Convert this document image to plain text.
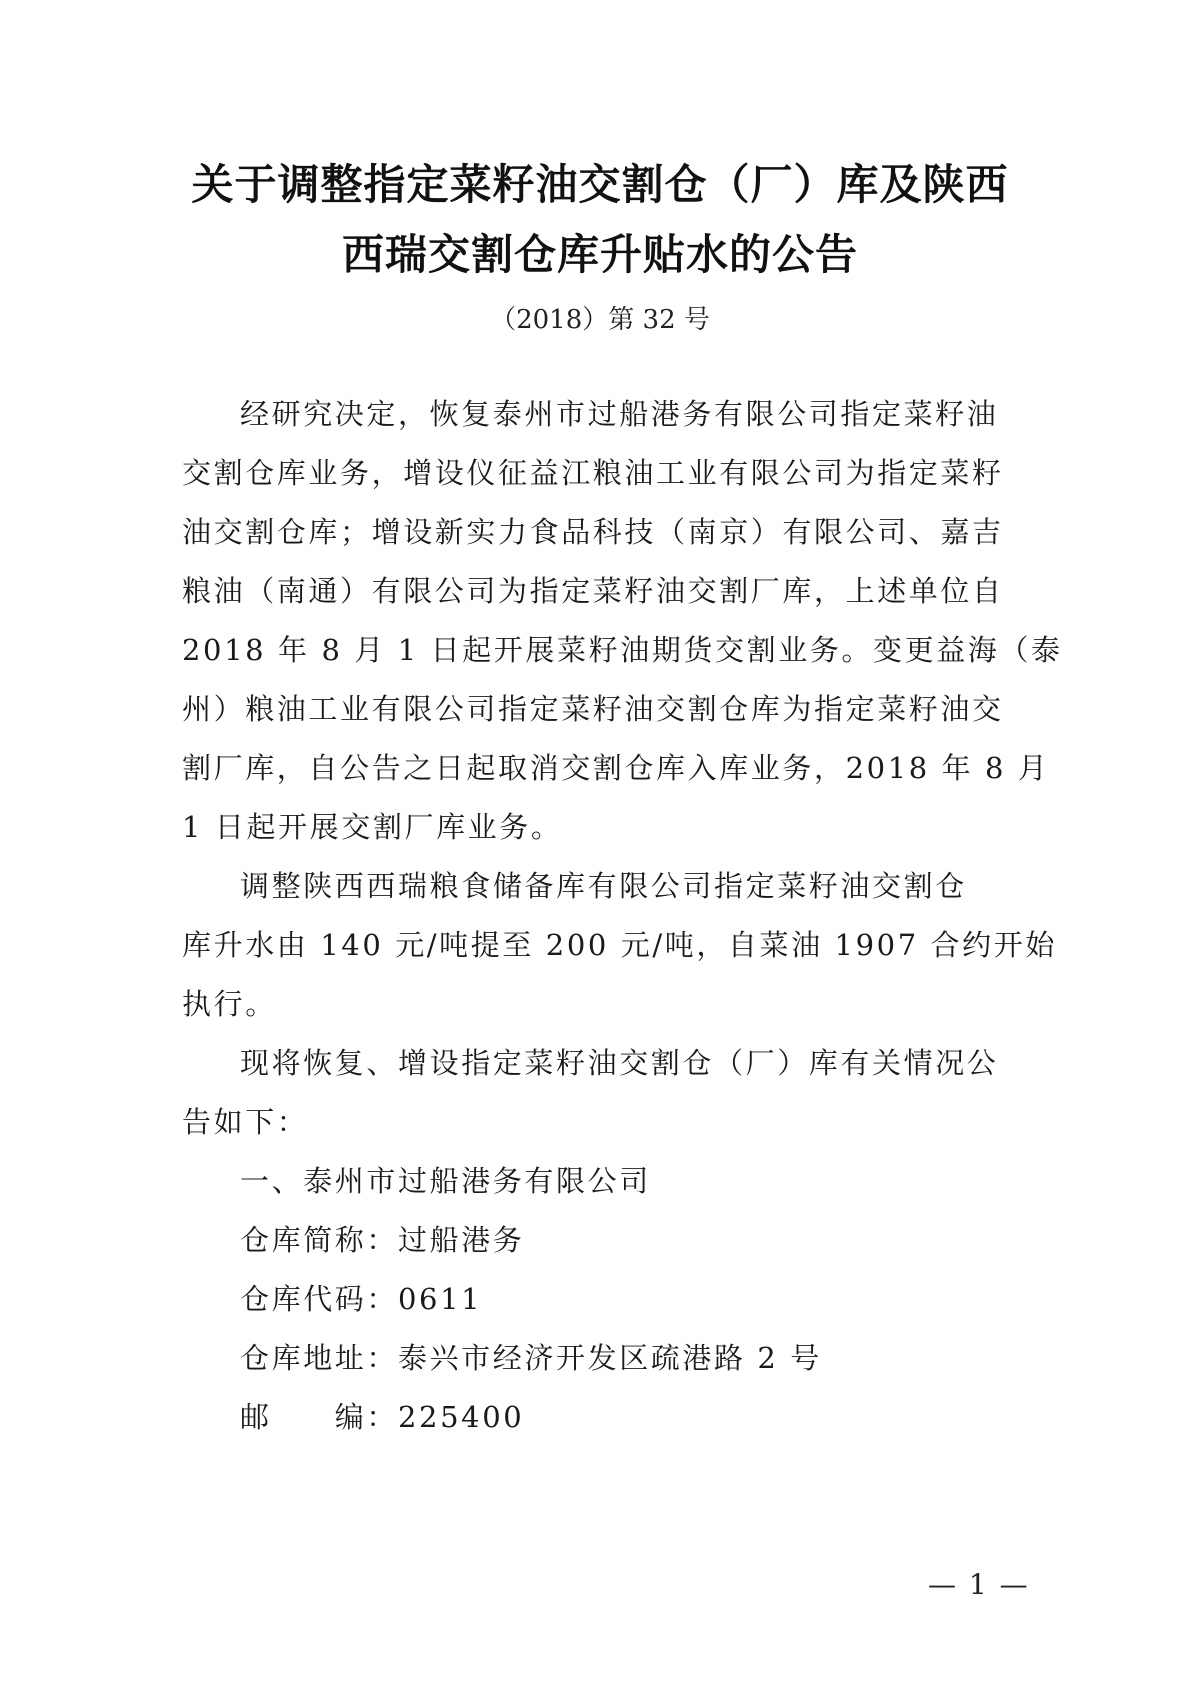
关于调整指定菜籽油交割仓（厂）库及陕西
西瑞交割仓库升贴水的公告
（2018）第 32 号
经研究决定，恢复泰州市过船港务有限公司指定菜籽油
交割仓库业务，增设仪征益江粮油工业有限公司为指定菜籽
油交割仓库；增设新实力食品科技（南京）有限公司、嘉吉
粮油（南通）有限公司为指定菜籽油交割厂库，上述单位自
2018 年 8 月 1 日起开展菜籽油期货交割业务。变更益海（泰
州）粮油工业有限公司指定菜籽油交割仓库为指定菜籽油交
割厂库，自公告之日起取消交割仓库入库业务，2018 年 8 月
1 日起开展交割厂库业务。
调整陕西西瑞粮食储备库有限公司指定菜籽油交割仓
库升水由 140 元/吨提至 200 元/吨，自菜油 1907 合约开始
执行。
现将恢复、增设指定菜籽油交割仓（厂）库有关情况公
告如下：
一、泰州市过船港务有限公司
仓库简称：过船港务
仓库代码：0611
仓库地址：泰兴市经济开发区疏港路 2 号
邮　　编：225400
— 1 —
